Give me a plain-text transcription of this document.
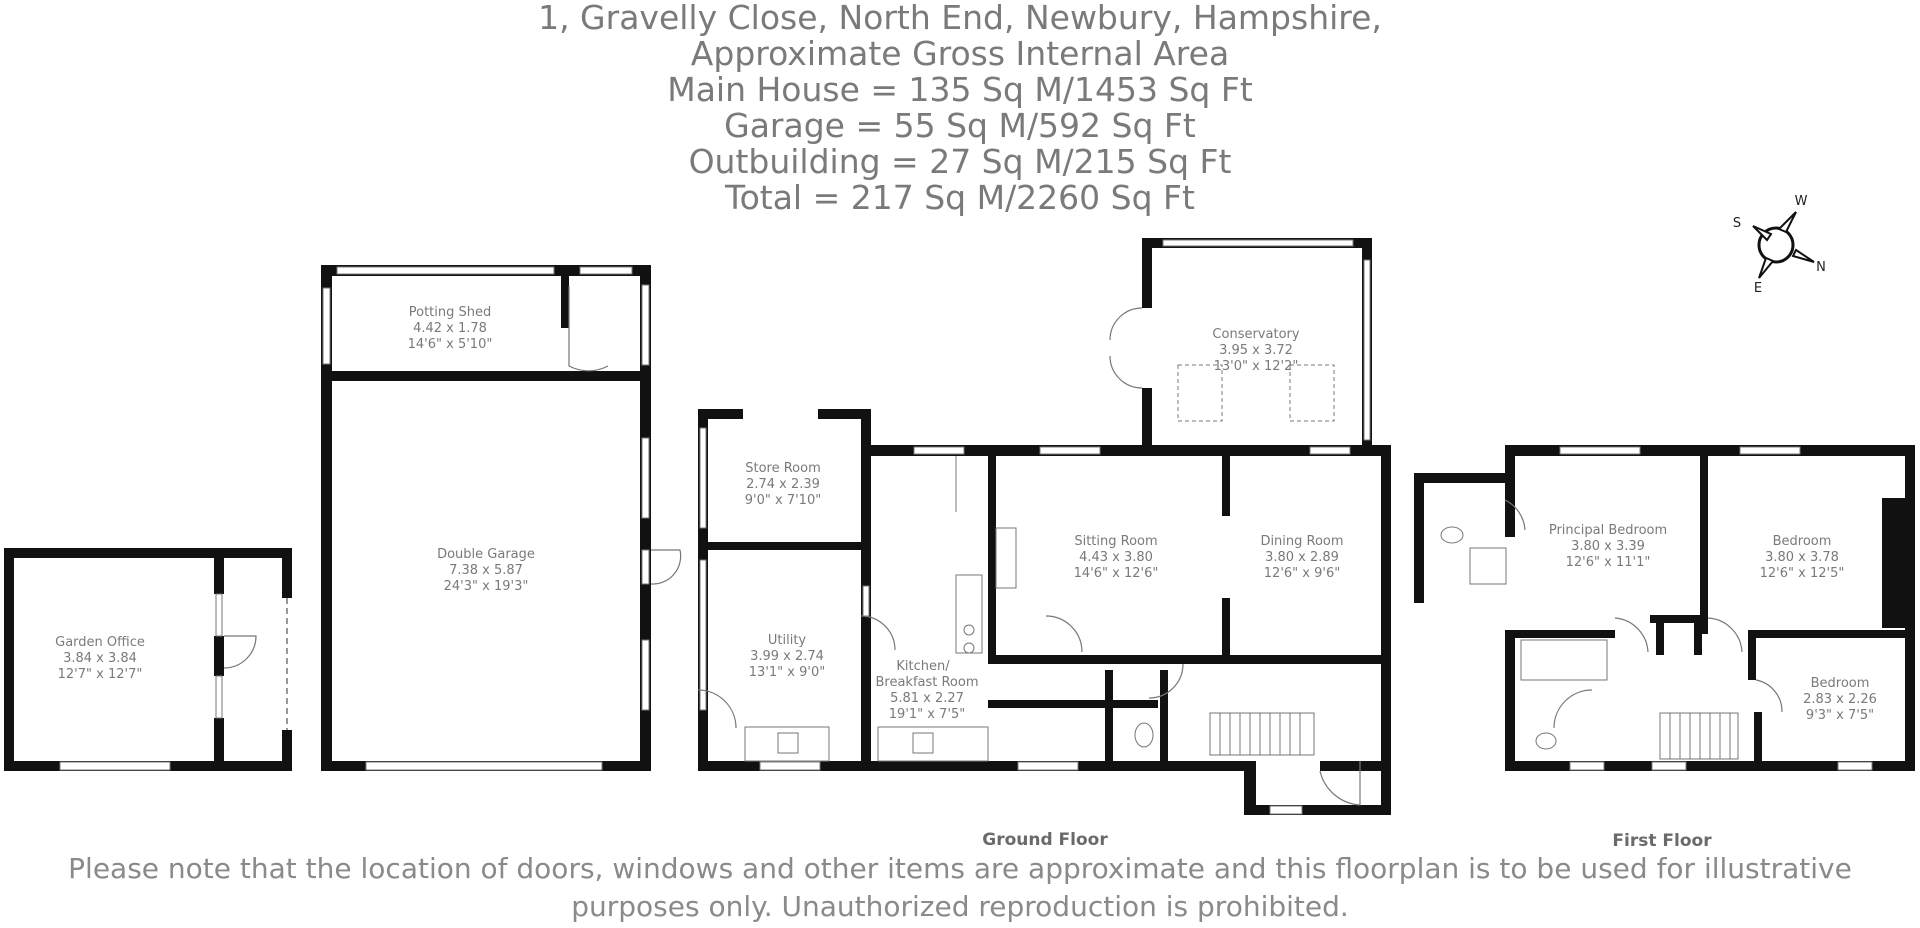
1, Gravelly Close, North End, Newbury, Hampshire,
Approximate Gross Internal Area
Main House = 135 Sq M/1453 Sq Ft
Garage = 55 Sq M/592 Sq Ft
Outbuilding = 27 Sq M/215 Sq Ft
Total = 217 Sq M/2260 Sq Ft	W
S
E
N
Garden Office
3.84 x 3.84
12'7" x 12'7"
Potting Shed
4.42 x 1.78
14'6" x 5'10"
Double Garage
7.38 x 5.87
24'3" x 19'3"
Store Room
2.74 x 2.39
9'0" x 7'10"
Utility
3.99 x 2.74
13'1" x 9'0"	Kitchen/
Breakfast Room
5.81 x 2.27
19'1" x 7'5"
Conservatory
3.95 x 3.72
13'0" x 12'2"
Sitting Room
4.43 x 3.80
14'6" x 12'6"
Dining Room
3.80 x 2.89
12'6" x 9'6"
Ground Floor
Principal Bedroom
3.80 x 3.39
12'6" x 11'1"
Bedroom
3.80 x 3.78
12'6" x 12'5"
Bedroom
2.83 x 2.26
9'3" x 7'5"
First Floor
Please note that the location of doors, windows and other items are approximate and this floorplan is to be used for illustrative
purposes only. Unauthorized reproduction is prohibited.
